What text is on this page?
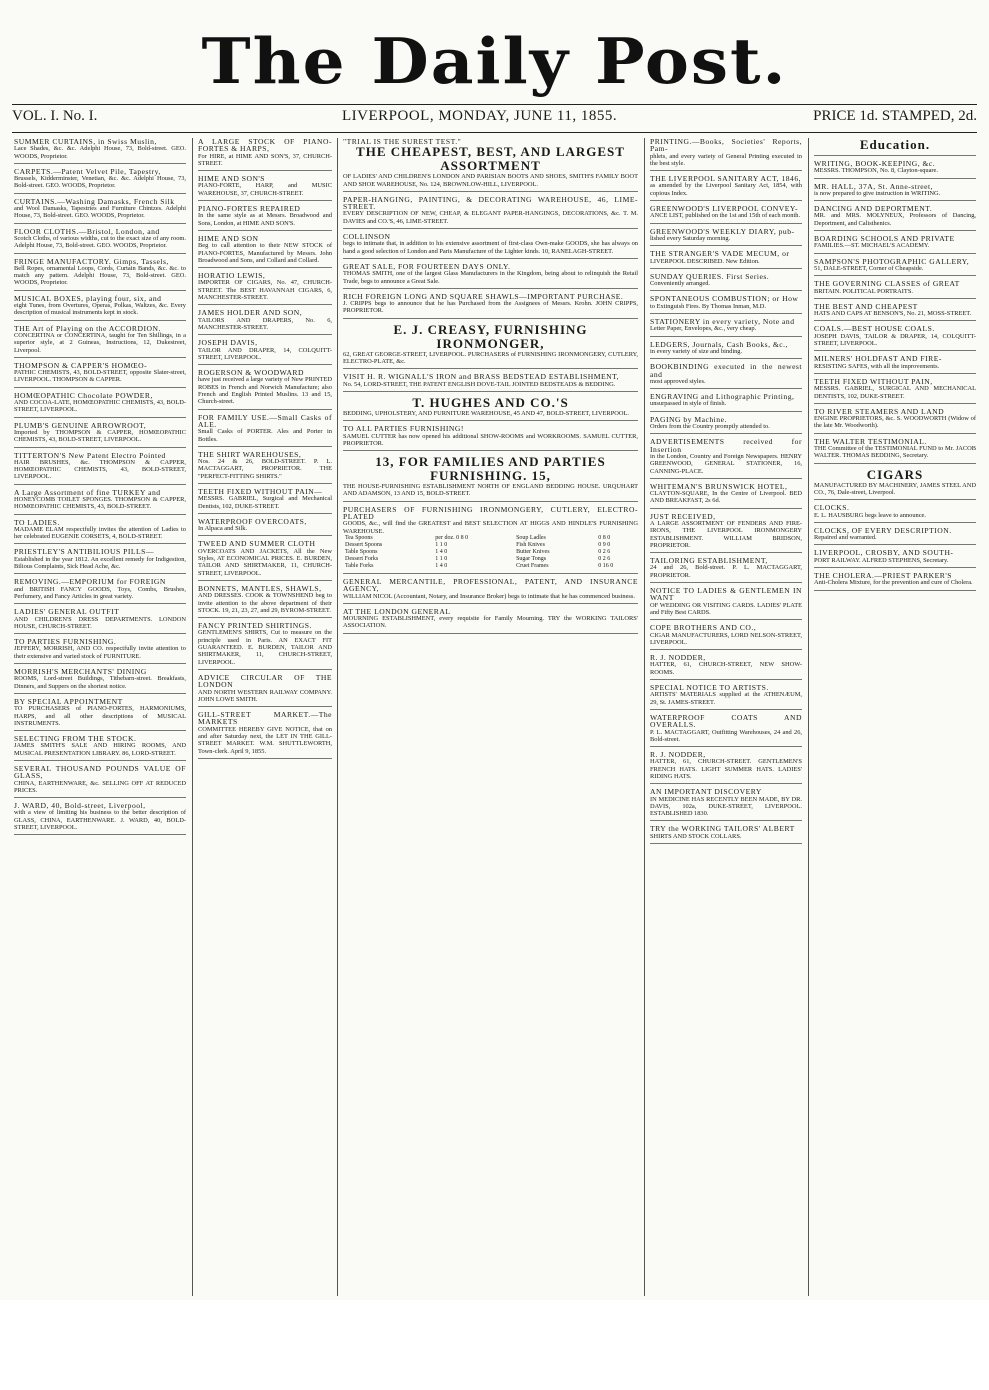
The Daily Post.
VOL. I. No. I.	LIVERPOOL, MONDAY, JUNE 11, 1855.	PRICE 1d. STAMPED, 2d.

SUMMER CURTAINS, in Swiss Muslin,

Lace Shades, &c. &c. Adelphi House, 73, Bold-street. GEO. WOODS, Proprietor.

CARPETS.—Patent Velvet Pile, Tapestry,

Brussels, Kidderminster, Venetian, &c. &c. Adelphi House, 73, Bold-street. GEO. WOODS, Proprietor.

CURTAINS.—Washing Damasks, French Silk

and Wool Damasks, Tapestries and Furniture Chintzes. Adelphi House, 73, Bold-street. GEO. WOODS, Proprietor.

FLOOR CLOTHS.—Bristol, London, and

Scotch Cloths, of various widths, cut to the exact size of any room. Adelphi House, 73, Bold-street. GEO. WOODS, Proprietor.

FRINGE MANUFACTORY. Gimps, Tassels,

Bell Ropes, ornamental Loops, Cords, Curtain Bands, &c. &c. to match any pattern. Adelphi House, 73, Bold-street. GEO. WOODS, Proprietor.

MUSICAL BOXES, playing four, six, and

eight Tunes, from Overtures, Operas, Polkas, Waltzes, &c. Every description of musical instruments kept in stock.

THE Art of Playing on the ACCORDION.

CONCERTINA or CONCERTINA, taught for Ten Shillings, in a superior style, at 2 Guineas, Instructions, 12, Dukestreet, Liverpool.

THOMPSON & CAPPER'S HOMŒO-

PATHIC CHEMISTS, 43, BOLD-STREET, opposite Slater-street, LIVERPOOL. THOMPSON & CAPPER.

HOMŒOPATHIC Chocolate POWDER,

AND COCOA-LATE, HOMŒOPATHIC CHEMISTS, 43, BOLD-STREET, LIVERPOOL.

PLUMB'S GENUINE ARROWROOT,

Imported by THOMPSON & CAPPER, HOMŒOPATHIC CHEMISTS, 43, BOLD-STREET, LIVERPOOL.

TITTERTON'S New Patent Electro Pointed

HAIR BRUSHES, &c. THOMPSON & CAPPER, HOMŒOPATHIC CHEMISTS, 43, BOLD-STREET, LIVERPOOL.

A Large Assortment of fine TURKEY and

HONEYCOMB TOILET SPONGES. THOMPSON & CAPPER, HOMŒOPATHIC CHEMISTS, 43, BOLD-STREET.

TO LADIES.

MADAME ELAM respectfully invites the attention of Ladies to her celebrated EUGENIE CORSETS, 4, BOLD-STREET.

PRIESTLEY'S ANTIBILIOUS PILLS—

Established in the year 1812. An excellent remedy for Indigestion, Bilious Complaints, Sick Head Ache, &c.

REMOVING.—EMPORIUM for FOREIGN

and BRITISH FANCY GOODS, Toys, Combs, Brushes, Perfumery, and Fancy Articles in great variety.

LADIES' GENERAL OUTFIT

AND CHILDREN'S DRESS DEPARTMENTS. LONDON HOUSE, CHURCH-STREET.

TO PARTIES FURNISHING.

JEFFERY, MORRISH, AND CO. respectfully invite attention to their extensive and varied stock of FURNITURE.

MORRISH'S MERCHANTS' DINING

ROOMS, Lord-street Buildings, Tithebarn-street. Breakfasts, Dinners, and Suppers on the shortest notice.

BY SPECIAL APPOINTMENT

TO PURCHASERS of PIANO-FORTES, HARMONIUMS, HARPS, and all other descriptions of MUSICAL INSTRUMENTS.

SELECTING FROM THE STOCK.

JAMES SMITH'S SALE AND HIRING ROOMS, AND MUSICAL PRESENTATION LIBRARY. 86, LORD-STREET.

SEVERAL THOUSAND POUNDS VALUE OF GLASS,

CHINA, EARTHENWARE, &c. SELLING OFF AT REDUCED PRICES.

J. WARD, 40, Bold-street, Liverpool,

with a view of limiting his business to the better description of GLASS, CHINA, EARTHENWARE. J. WARD, 40, BOLD-STREET, LIVERPOOL.

A LARGE STOCK OF PIANO-FORTES & HARPS,

For HIRE, at HIME AND SON'S, 37, CHURCH-STREET.

HIME AND SON'S

PIANO-FORTE, HARP, and MUSIC WAREHOUSE, 37, CHURCH-STREET.

PIANO-FORTES REPAIRED

In the same style as at Messrs. Broadwood and Sons, London, at HIME AND SON'S.

HIME AND SON

Beg to call attention to their NEW STOCK of PIANO-FORTES, Manufactured by Messrs. John Broadwood and Sons, and Collard and Collard.

HORATIO LEWIS,

IMPORTER OF CIGARS, No. 47, CHURCH-STREET. The BEST HAVANNAH CIGARS, 6, MANCHESTER-STREET.

JAMES HOLDER AND SON,

TAILORS AND DRAPERS, No. 6, MANCHESTER-STREET.

JOSEPH DAVIS,

TAILOR AND DRAPER, 14, COLQUITT-STREET, LIVERPOOL.

ROGERSON & WOODWARD

have just received a large variety of New PRINTED ROBES in French and Norwich Manufacture; also French and English Printed Muslins. 13 and 15, Church-street.

FOR FAMILY USE.—Small Casks of ALE.

Small Casks of PORTER. Ales and Porter in Bottles.

THE SHIRT WAREHOUSES,

Nos. 24 & 26, BOLD-STREET. P. L. MACTAGGART, PROPRIETOR. THE "PERFECT-FITTING SHIRTS."

TEETH FIXED WITHOUT PAIN—

MESSRS. GABRIEL, Surgical and Mechanical Dentists, 102, DUKE-STREET.

WATERPROOF OVERCOATS,

In Alpaca and Silk.

TWEED AND SUMMER CLOTH

OVERCOATS AND JACKETS, All the New Styles, AT ECONOMICAL PRICES. E. BURDEN, TAILOR AND SHIRTMAKER, 11, CHURCH-STREET, LIVERPOOL.

BONNETS, MANTLES, SHAWLS,

AND DRESSES. COOK & TOWNSHEND beg to invite attention to the above department of their STOCK. 19, 21, 23, 27, and 29, BYROM-STREET.

FANCY PRINTED SHIRTINGS.

GENTLEMEN'S SHIRTS, Cut to measure on the principle used in Paris. AN EXACT FIT GUARANTEED. E. BURDEN, TAILOR AND SHIRTMAKER, 11, CHURCH-STREET, LIVERPOOL.

ADVICE CIRCULAR OF THE LONDON

AND NORTH WESTERN RAILWAY COMPANY. JOHN LOWE SMITH.

GILL-STREET MARKET.—The MARKETS

COMMITTEE HEREBY GIVE NOTICE, that on and after Saturday next, the LET IN THE GILL-STREET MARKET. W.M. SHUTTLEWORTH, Town-clerk. April 9, 1855.

"TRIAL IS THE SUREST TEST."

THE CHEAPEST, BEST, AND LARGEST ASSORTMENT

OF LADIES' AND CHILDREN'S LONDON AND PARISIAN BOOTS AND SHOES, SMITH'S FAMILY BOOT AND SHOE WAREHOUSE, No. 124, BROWNLOW-HILL, LIVERPOOL.

PAPER-HANGING, PAINTING, & DECORATING WAREHOUSE, 46, LIME-STREET.

EVERY DESCRIPTION OF NEW, CHEAP, & ELEGANT PAPER-HANGINGS, DECORATIONS, &c. T. M. DAVIES and CO.'S, 46, LIME-STREET.

COLLINSON

begs to intimate that, in addition to his extensive assortment of first-class Own-make GOODS, she has always on hand a good selection of London and Paris Manufacture of the Lighter kinds. 10, RANELAGH-STREET.

GREAT SALE, FOR FOURTEEN DAYS ONLY.

THOMAS SMITH, one of the largest Glass Manufacturers in the Kingdom, being about to relinquish the Retail Trade, begs to announce a Great Sale.

RICH FOREIGN LONG AND SQUARE SHAWLS—IMPORTANT PURCHASE.

J. CRIPPS begs to announce that he has Purchased from the Assignees of Messrs. Krohn. JOHN CRIPPS, PROPRIETOR.

E. J. CREASY, FURNISHING IRONMONGER,

62, GREAT GEORGE-STREET, LIVERPOOL. PURCHASERS of FURNISHING IRONMONGERY, CUTLERY, ELECTRO-PLATE, &c.

VISIT H. R. WIGNALL'S IRON and BRASS BEDSTEAD ESTABLISHMENT,

No. 54, LORD-STREET, THE PATENT ENGLISH DOVE-TAIL JOINTED BEDSTEADS & BEDDING.

T. HUGHES AND CO.'S

BEDDING, UPHOLSTERY, AND FURNITURE WAREHOUSE, 45 AND 47, BOLD-STREET, LIVERPOOL.

TO ALL PARTIES FURNISHING!

SAMUEL CUTTER has now opened his additional SHOW-ROOMS and WORKROOMS. SAMUEL CUTTER, PROPRIETOR.

13, FOR FAMILIES AND PARTIES FURNISHING. 15,

THE HOUSE-FURNISHING ESTABLISHMENT NORTH OF ENGLAND BEDDING HOUSE. URQUHART AND ADAMSON, 13 AND 15, BOLD-STREET.

PURCHASERS OF FURNISHING IRONMONGERY, CUTLERY, ELECTRO-PLATED

GOODS, &c., will find the GREATEST and BEST SELECTION AT HIGGS AND HINDLE'S FURNISHING WAREHOUSE.

Tea Spoons	per doz. 0 8 0	Soup Ladles	0 8 0
Dessert Spoons	1 1 0	Fish Knives	0 9 0
Table Spoons	1 4 0	Butter Knives	0 2 6
Dessert Forks	1 1 0	Sugar Tongs	0 2 6
Table Forks	1 4 0	Cruet Frames	0 16 0

GENERAL MERCANTILE, PROFESSIONAL, PATENT, AND INSURANCE AGENCY,

WILLIAM NICOL (Accountant, Notary, and Insurance Broker) begs to intimate that he has commenced business.

AT THE LONDON GENERAL

MOURNING ESTABLISHMENT, every requisite for Family Mourning. TRY the WORKING TAILORS' ASSOCIATION.

PRINTING.—Books, Societies' Reports, Pam-

phlets, and every variety of General Printing executed in the best style.

THE LIVERPOOL SANITARY ACT, 1846,

as amended by the Liverpool Sanitary Act, 1854, with copious Index.

GREENWOOD'S LIVERPOOL CONVEY-

ANCE LIST, published on the 1st and 15th of each month.

GREENWOOD'S WEEKLY DIARY, pub-

lished every Saturday morning.

THE STRANGER'S VADE MECUM, or

LIVERPOOL DESCRIBED. New Edition.

SUNDAY QUERIES. First Series.

Conveniently arranged.

SPONTANEOUS COMBUSTION; or How

to Extinguish Fires. By Thomas Inman, M.D.

STATIONERY in every variety, Note and

Letter Paper, Envelopes, &c., very cheap.

LEDGERS, Journals, Cash Books, &c.,

in every variety of size and binding.

BOOKBINDING executed in the newest and

most approved styles.

ENGRAVING and Lithographic Printing,

unsurpassed in style of finish.

PAGING by Machine.

Orders from the Country promptly attended to.

ADVERTISEMENTS received for Insertion

in the London, Country and Foreign Newspapers. HENRY GREENWOOD, GENERAL STATIONER, 16, CANNING-PLACE.

WHITEMAN'S BRUNSWICK HOTEL,

CLAYTON-SQUARE, In the Centre of Liverpool. BED AND BREAKFAST, 2s 6d.

JUST RECEIVED,

A LARGE ASSORTMENT OF FENDERS AND FIRE-IRONS, THE LIVERPOOL IRONMONGERY ESTABLISHMENT. WILLIAM BRIDSON, PROPRIETOR.

TAILORING ESTABLISHMENT,

24 and 26, Bold-street. P. L. MACTAGGART, PROPRIETOR.

NOTICE TO LADIES & GENTLEMEN IN WANT

OF WEDDING OR VISITING CARDS. LADIES' PLATE and Fifty Best CARDS.

COPE BROTHERS AND CO.,

CIGAR MANUFACTURERS, LORD NELSON-STREET, LIVERPOOL.

R. J. NODDER,

HATTER, 61, CHURCH-STREET, NEW SHOW-ROOMS.

SPECIAL NOTICE TO ARTISTS.

ARTISTS' MATERIALS supplied at the ATHENÆUM, 29, St. JAMES-STREET.

WATERPROOF COATS AND OVERALLS.

P. L. MACTAGGART, Outfitting Warehouses, 24 and 26, Bold-street.

R. J. NODDER,

HATTER, 61, CHURCH-STREET. GENTLEMEN'S FRENCH HATS. LIGHT SUMMER HATS. LADIES' RIDING HATS.

AN IMPORTANT DISCOVERY

IN MEDICINE HAS RECENTLY BEEN MADE, BY DR. DAVIS, 102a, DUKE-STREET, LIVERPOOL. ESTABLISHED 1830.

TRY the WORKING TAILORS' ALBERT

SHIRTS AND STOCK COLLARS.

Education.

WRITING, BOOK-KEEPING, &c.

MESSRS. THOMPSON, No. 8, Clayton-square.

MR. HALL, 37A, St. Anne-street,

is now prepared to give instruction in WRITING.

DANCING AND DEPORTMENT.

MR. and MRS. MOLYNEUX, Professors of Dancing, Deportment, and Calisthenics.

BOARDING SCHOOLS AND PRIVATE

FAMILIES.—ST. MICHAEL'S ACADEMY.

SAMPSON'S PHOTOGRAPHIC GALLERY,

51, DALE-STREET, Corner of Cheapside.

THE GOVERNING CLASSES of GREAT

BRITAIN. POLITICAL PORTRAITS.

THE BEST AND CHEAPEST

HATS AND CAPS AT BENSON'S, No. 21, MOSS-STREET.

COALS.—BEST HOUSE COALS.

JOSEPH DAVIS, TAILOR & DRAPER, 14, COLQUITT-STREET, LIVERPOOL.

MILNERS' HOLDFAST AND FIRE-

RESISTING SAFES, with all the improvements.

TEETH FIXED WITHOUT PAIN,

MESSRS. GABRIEL, SURGICAL AND MECHANICAL DENTISTS, 102, DUKE-STREET.

TO RIVER STEAMERS AND LAND

ENGINE PROPRIETORS, &c. S. WOODWORTH (Widow of the late Mr. Woodworth).

THE WALTER TESTIMONIAL.

THE Committee of the TESTIMONIAL FUND to Mr. JACOB WALTER. THOMAS BEDDING, Secretary.

CIGARS

MANUFACTURED BY MACHINERY, JAMES STEEL AND CO., 76, Dale-street, Liverpool.

CLOCKS.

E. L. HAUSBURG begs leave to announce.

CLOCKS, OF EVERY DESCRIPTION.

Repaired and warranted.

LIVERPOOL, CROSBY, AND SOUTH-

PORT RAILWAY. ALFRED STEPHENS, Secretary.

THE CHOLERA.—PRIEST PARKER'S

Anti-Cholera Mixture, for the prevention and cure of Cholera.
